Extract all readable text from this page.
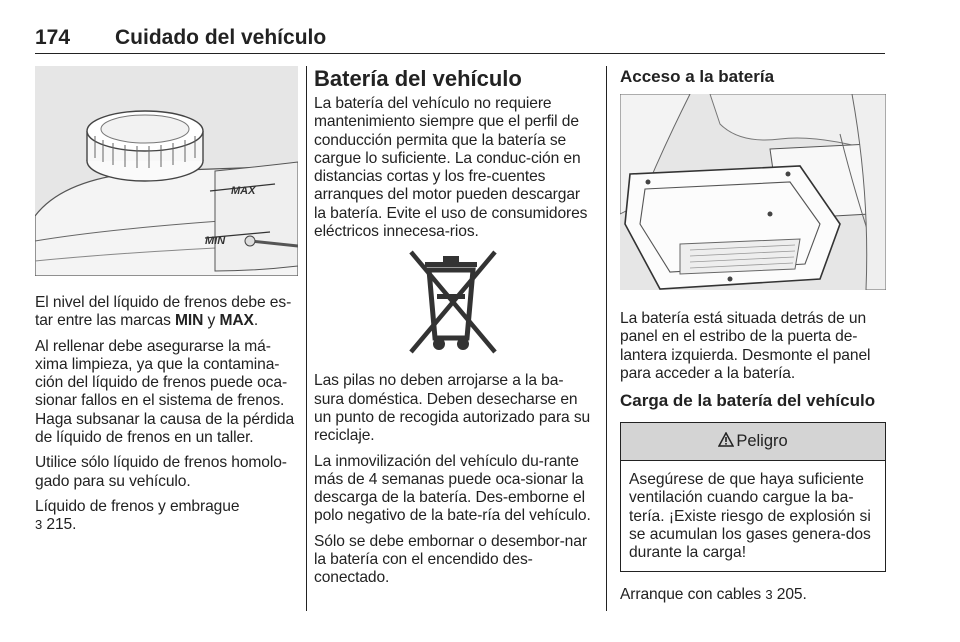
174 Cuidado del vehículo
MAX
MIN

El nivel del líquido de frenos debe es-tar entre las marcas MIN y MAX.

Al rellenar debe asegurarse la má-xima limpieza, ya que la contamina-ción del líquido de frenos puede oca-sionar fallos en el sistema de frenos. Haga subsanar la causa de la pérdida de líquido de frenos en un taller.

Utilice sólo líquido de frenos homolo-gado para su vehículo.

Líquido de frenos y embrague
3 215.

Batería del vehículo

La batería del vehículo no requiere mantenimiento siempre que el perfil de conducción permita que la batería se cargue lo suficiente. La conduc-ción en distancias cortas y los fre-cuentes arranques del motor pueden descargar la batería. Evite el uso de consumidores eléctricos innecesa-rios.

Las pilas no deben arrojarse a la ba-sura doméstica. Deben desecharse en un punto de recogida autorizado para su reciclaje.

La inmovilización del vehículo du-rante más de 4 semanas puede oca-sionar la descarga de la batería. Des-emborne el polo negativo de la bate-ría del vehículo.

Sólo se debe embornar o desembor-nar la batería con el encendido des-conectado.

Acceso a la batería

La batería está situada detrás de un panel en el estribo de la puerta de-lantera izquierda. Desmonte el panel para acceder a la batería.

Carga de la batería del vehículo
Peligro

Asegúrese de que haya suficiente ventilación cuando cargue la ba-tería. ¡Existe riesgo de explosión si se acumulan los gases genera-dos durante la carga!

Arranque con cables 3 205.
